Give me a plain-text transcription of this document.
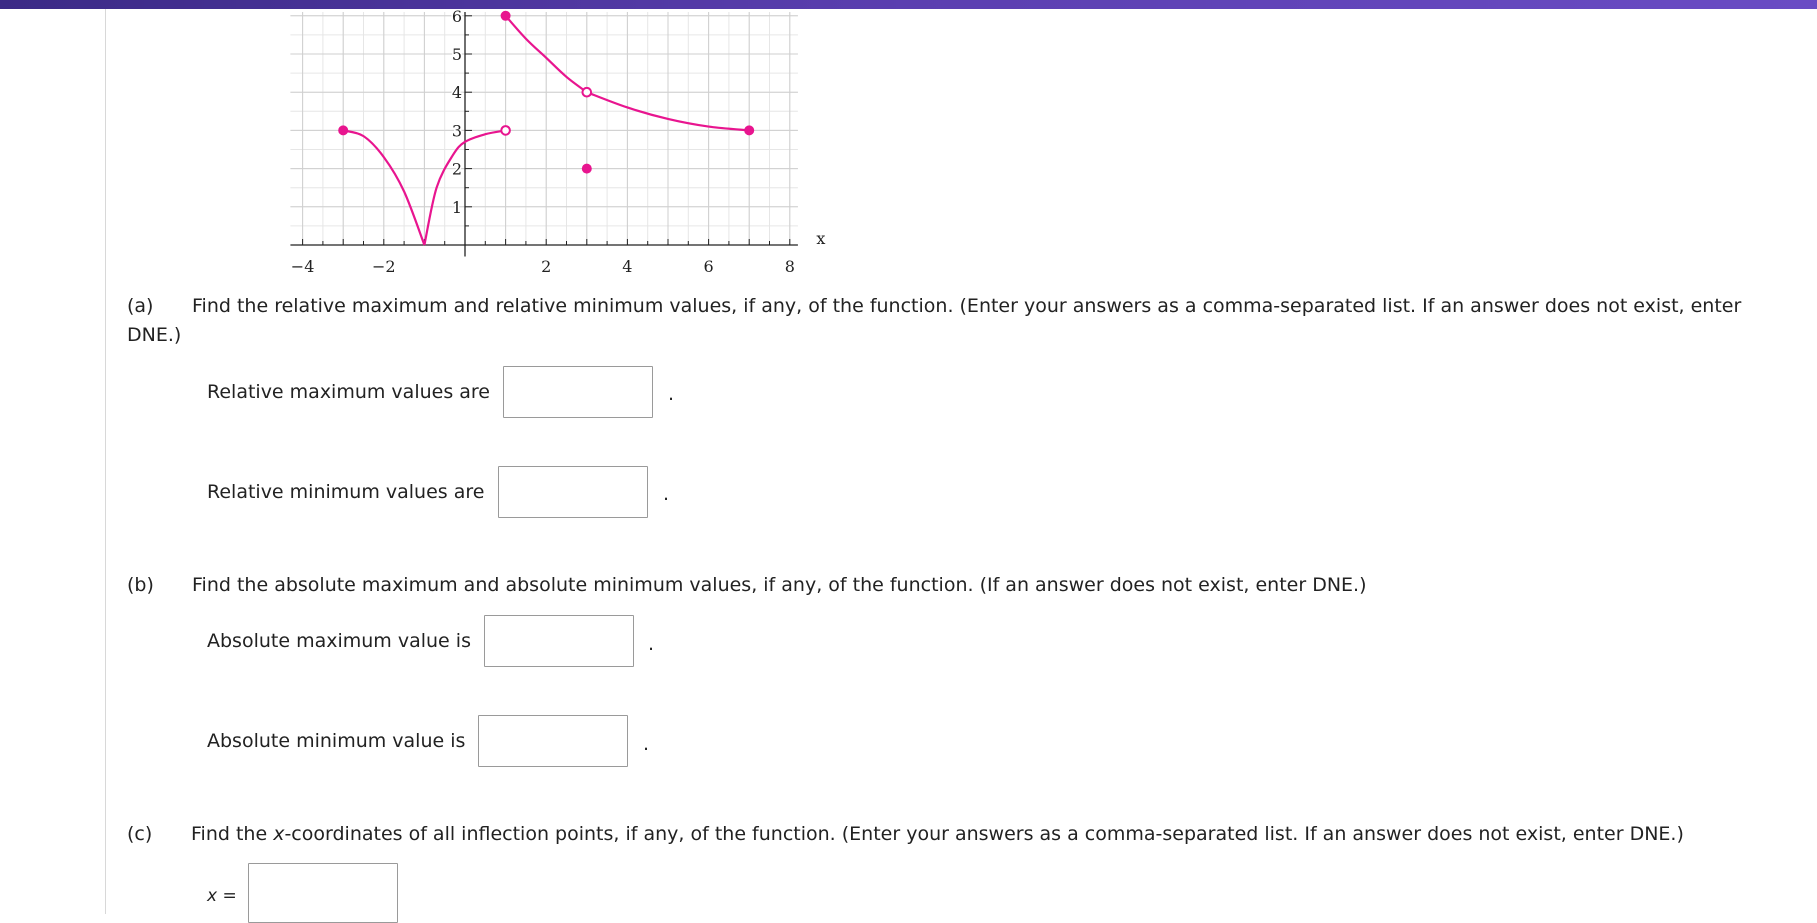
−4	−2	2	4	6	8
1
2
3
4
5
6
x
(a) Find the relative maximum and relative minimum values, if any, of the function. (Enter your answers as a comma-separated list. If an answer does not exist, enter
DNE.)
Relative maximum values are	.
Relative minimum values are	.
(b) Find the absolute maximum and absolute minimum values, if any, of the function. (If an answer does not exist, enter DNE.)
Absolute maximum value is	.
Absolute minimum value is	.
(c) Find the x-coordinates of all inflection points, if any, of the function. (Enter your answers as a comma-separated list. If an answer does not exist, enter DNE.)
x =
